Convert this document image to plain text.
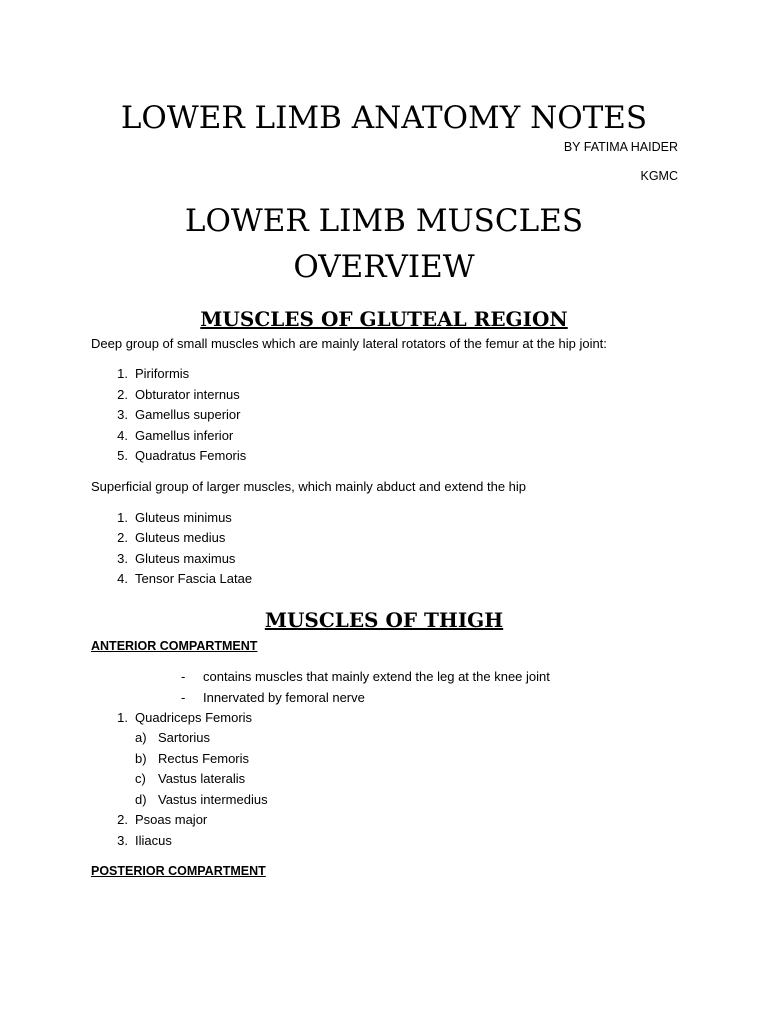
LOWER LIMB ANATOMY NOTES
BY FATIMA HAIDER
KGMC
LOWER LIMB MUSCLES
OVERVIEW
MUSCLES OF GLUTEAL REGION
Deep group of small muscles which are mainly lateral rotators of the femur at the hip joint:
1. Piriformis
2. Obturator internus
3. Gamellus superior
4. Gamellus inferior
5. Quadratus Femoris
Superficial group of larger muscles, which mainly abduct and extend the hip
1. Gluteus minimus
2. Gluteus medius
3. Gluteus maximus
4. Tensor Fascia Latae
MUSCLES OF THIGH
ANTERIOR COMPARTMENT
- contains muscles that mainly extend the leg at the knee joint
- Innervated by femoral nerve
1. Quadriceps Femoris
a) Sartorius
b) Rectus Femoris
c) Vastus lateralis
d) Vastus intermedius
2. Psoas major
3. Iliacus
POSTERIOR COMPARTMENT
